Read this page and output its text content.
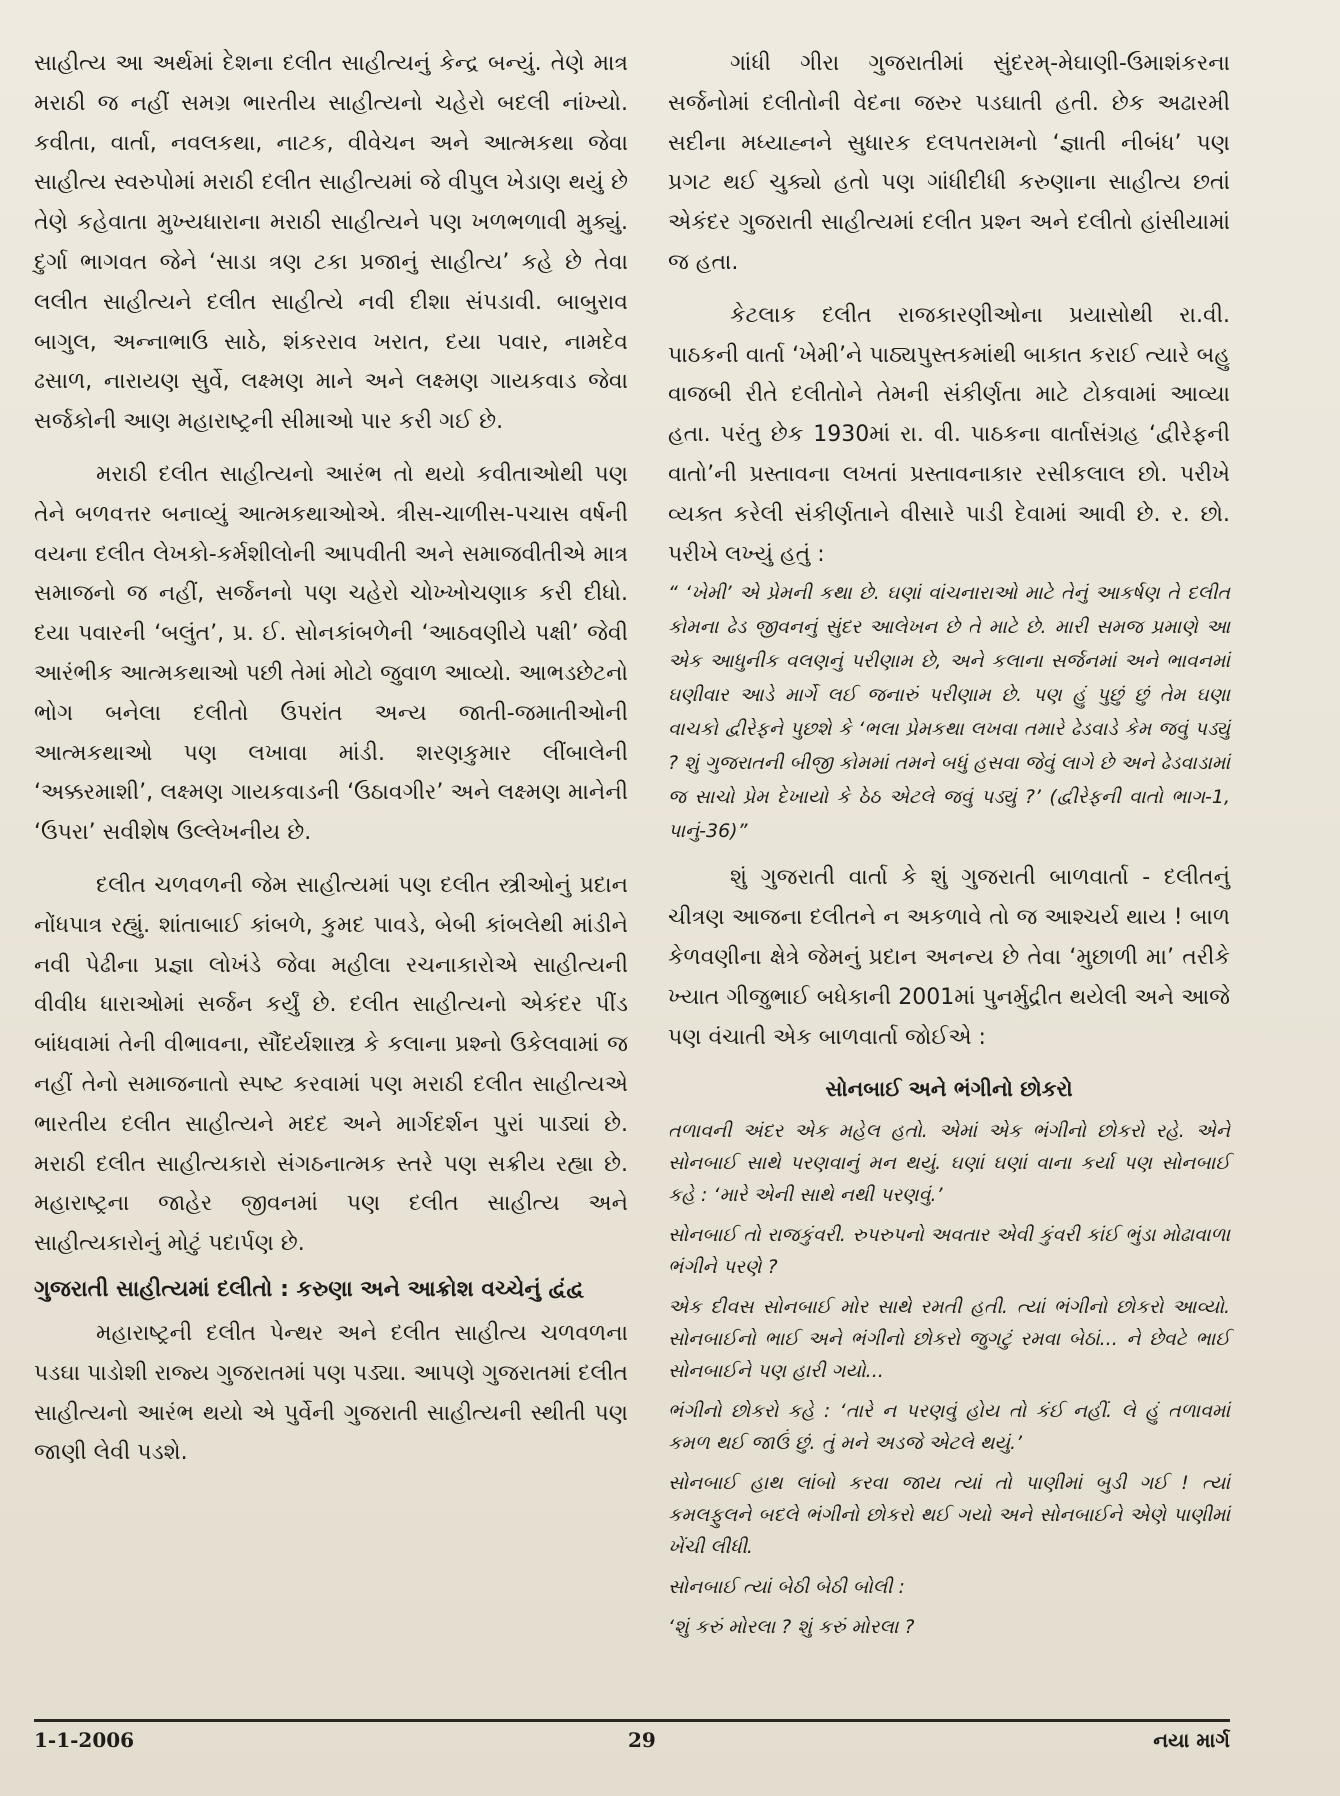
સાહીત્ય આ અર્થમાં દેશના દલીત સાહીત્યનું કેન્દ્ર બન્યું. તેણે માત્ર મરાઠી જ નહીં સમગ્ર ભારતીય સાહીત્યનો ચહેરો બદલી નાંખ્યો. કવીતા, વાર્તા, નવલકથા, નાટક, વીવેચન અને આત્મકથા જેવા સાહીત્ય સ્વરુપોમાં મરાઠી દલીત સાહીત્યમાં જે વીપુલ ખેડાણ થયું છે તેણે કહેવાતા મુખ્યધારાના મરાઠી સાહીત્યને પણ ખળભળાવી મુક્યું. દુર્ગા ભાગવત જેને ‘સાડા ત્રણ ટકા પ્રજાનું સાહીત્ય’ કહે છે તેવા લલીત સાહીત્યને દલીત સાહીત્યે નવી દીશા સંપડાવી. બાબુરાવ બાગુલ, અન્નાભાઉ સાઠે, શંકરરાવ ખરાત, દયા પવાર, નામદેવ ઢસાળ, નારાયણ સુર્વે, લક્ષ્મણ માને અને લક્ષ્મણ ગાયકવાડ જેવા સર્જકોની આણ મહારાષ્ટ્રની સીમાઓ પાર કરી ગઈ છે.

મરાઠી દલીત સાહીત્યનો આરંભ તો થયો કવીતાઓથી પણ તેને બળવત્તર બનાવ્યું આત્મકથાઓએ. ત્રીસ-ચાળીસ-પચાસ વર્ષની વયના દલીત લેખકો-કર્મશીલોની આપવીતી અને સમાજવીતીએ માત્ર સમાજનો જ નહીં, સર્જનનો પણ ચહેરો ચોખ્ખોચણાક કરી દીધો. દયા પવારની ‘બલુંત’, પ્ર. ઈ. સોનકાંબળેની ‘આઠવણીયે પક્ષી’ જેવી આરંભીક આત્મકથાઓ પછી તેમાં મોટો જુવાળ આવ્યો. આભડછેટનો ભોગ બનેલા દલીતો ઉપરાંત અન્ય જાતી-જમાતીઓની આત્મકથાઓ પણ લખાવા માંડી. શરણકુમાર લીંબાલેની ‘અક્કરમાશી’, લક્ષ્મણ ગાયકવાડની ‘ઉઠાવગીર’ અને લક્ષ્મણ માનેની ‘ઉપરા’ સવીશેષ ઉલ્લેખનીય છે.

દલીત ચળવળની જેમ સાહીત્યમાં પણ દલીત સ્ત્રીઓનું પ્રદાન નોંધપાત્ર રહ્યું. શાંતાબાઈ કાંબળે, કુમદ પાવડે, બેબી કાંબલેથી માંડીને નવી પેઢીના પ્રજ્ઞા લોખંડે જેવા મહીલા રચનાકારોએ સાહીત્યની વીવીધ ધારાઓમાં સર્જન કર્યું છે. દલીત સાહીત્યનો એકંદર પીંડ બાંધવામાં તેની વીભાવના, સૌંદર્યશાસ્ત્ર કે કલાના પ્રશ્નો ઉકેલવામાં જ નહીં તેનો સમાજનાતો સ્પષ્ટ કરવામાં પણ મરાઠી દલીત સાહીત્યએ ભારતીય દલીત સાહીત્યને મદદ અને માર્ગદર્શન પુરાં પાડ્યાં છે. મરાઠી દલીત સાહીત્યકારો સંગઠનાત્મક સ્તરે પણ સક્રીય રહ્યા છે. મહારાષ્ટ્રના જાહેર જીવનમાં પણ દલીત સાહીત્ય અને સાહીત્યકારોનું મોટું પદાર્પણ છે.

ગુજરાતી સાહીત્યમાં દલીતો : કરુણા અને આક્રોશ વચ્ચેનું દ્વંદ્વ

મહારાષ્ટ્રની દલીત પેન્થર અને દલીત સાહીત્ય ચળવળના પડઘા પાડોશી રાજ્ય ગુજરાતમાં પણ પડ્યા. આપણે ગુજરાતમાં દલીત સાહીત્યનો આરંભ થયો એ પુર્વેની ગુજરાતી સાહીત્યની સ્થીતી પણ જાણી લેવી પડશે.

ગાંધી ગીરા ગુજરાતીમાં સુંદરમ્-મેઘાણી-ઉમાશંકરના સર્જનોમાં દલીતોની વેદના જરુર પડઘાતી હતી. છેક અઢારમી સદીના મધ્યાહ્નને સુધારક દલપતરામનો ‘જ્ઞાતી નીબંધ’ પણ પ્રગટ થઈ ચુક્યો હતો પણ ગાંધીદીધી કરુણાના સાહીત્ય છતાં એકંદર ગુજરાતી સાહીત્યમાં દલીત પ્રશ્ન અને દલીતો હાંસીયામાં જ હતા.

કેટલાક દલીત રાજકારણીઓના પ્રયાસોથી રા.વી. પાઠકની વાર્તા ‘ખેમી’ને પાઠ્યપુસ્તકમાંથી બાકાત કરાઈ ત્યારે બહુ વાજબી રીતે દલીતોને તેમની સંકીર્ણતા માટે ટોકવામાં આવ્યા હતા. પરંતુ છેક 1930માં રા. વી. પાઠકના વાર્તાસંગ્રહ ‘દ્વીરેફની વાતો’ની પ્રસ્તાવના લખતાં પ્રસ્તાવનાકાર રસીકલાલ છો. પરીખે વ્યક્ત કરેલી સંકીર્ણતાને વીસારે પાડી દેવામાં આવી છે. ર. છો. પરીખે લખ્યું હતું :

“ ‘ખેમી’ એ પ્રેમની કથા છે. ઘણાં વાંચનારાઓ માટે તેનું આકર્ષણ તે દલીત કોમના ઢેડ જીવનનું સુંદર આલેખન છે તે માટે છે. મારી સમજ પ્રમાણે આ એક આધુનીક વલણનું પરીણામ છે, અને કલાના સર્જનમાં અને ભાવનમાં ઘણીવાર આડે માર્ગે લઈ જનારું પરીણામ છે. પણ હું પુછું છું તેમ ઘણા વાચકો દ્વીરેફને પુછશે કે ‘ભલા પ્રેમકથા લખવા તમારે ઢેડવાડે કેમ જવું પડ્યું ? શું ગુજરાતની બીજી કોમમાં તમને બધું હસવા જેવું લાગે છે અને ઢેડવાડામાં જ સાચો પ્રેમ દેખાયો કે ઠેઠ એટલે જવું પડ્યું ?’ (દ્વીરેફની વાતો ભાગ-1, પાનું-36)”

શું ગુજરાતી વાર્તા કે શું ગુજરાતી બાળવાર્તા - દલીતનું ચીત્રણ આજના દલીતને ન અકળાવે તો જ આશ્ચર્ય થાય ! બાળ કેળવણીના ક્ષેત્રે જેમનું પ્રદાન અનન્ય છે તેવા ‘મુછાળી મા’ તરીકે ખ્યાત ગીજુભાઈ બધેકાની 2001માં પુનર્મુદ્રીત થયેલી અને આજે પણ વંચાતી એક બાળવાર્તા જોઈએ :

સોનબાઈ અને ભંગીનો છોકરો

તળાવની અંદર એક મહેલ હતો. એમાં એક ભંગીનો છોકરો રહે. એને સોનબાઈ સાથે પરણવાનું મન થયું. ઘણાં ઘણાં વાના કર્યા પણ સોનબાઈ કહે : ‘મારે એની સાથે નથી પરણવું.’

સોનબાઈ તો રાજકુંવરી. રુપરુપનો અવતાર એવી કુંવરી કાંઈ ભુંડા મોઢાવાળા ભંગીને પરણે ?

એક દીવસ સોનબાઈ મોર સાથે રમતી હતી. ત્યાં ભંગીનો છોકરો આવ્યો. સોનબાઈનો ભાઈ અને ભંગીનો છોકરો જુગટું રમવા બેઠાં... ને છેવટે ભાઈ સોનબાઈને પણ હારી ગયો...

ભંગીનો છોકરો કહે : ‘તારે ન પરણવું હોય તો કંઈ નહીં. લે હું તળાવમાં કમળ થઈ જાઉં છું. તું મને અડજે એટલે થયું.’

સોનબાઈ હાથ લાંબો કરવા જાય ત્યાં તો પાણીમાં બુડી ગઈ ! ત્યાં કમલફુલને બદલે ભંગીનો છોકરો થઈ ગયો અને સોનબાઈને એણે પાણીમાં ખેંચી લીધી.

સોનબાઈ ત્યાં બેઠી બેઠી બોલી :

‘શું કરું મોરલા ? શું કરું મોરલા ?

1-1-2006	29	નયા માર્ગ
